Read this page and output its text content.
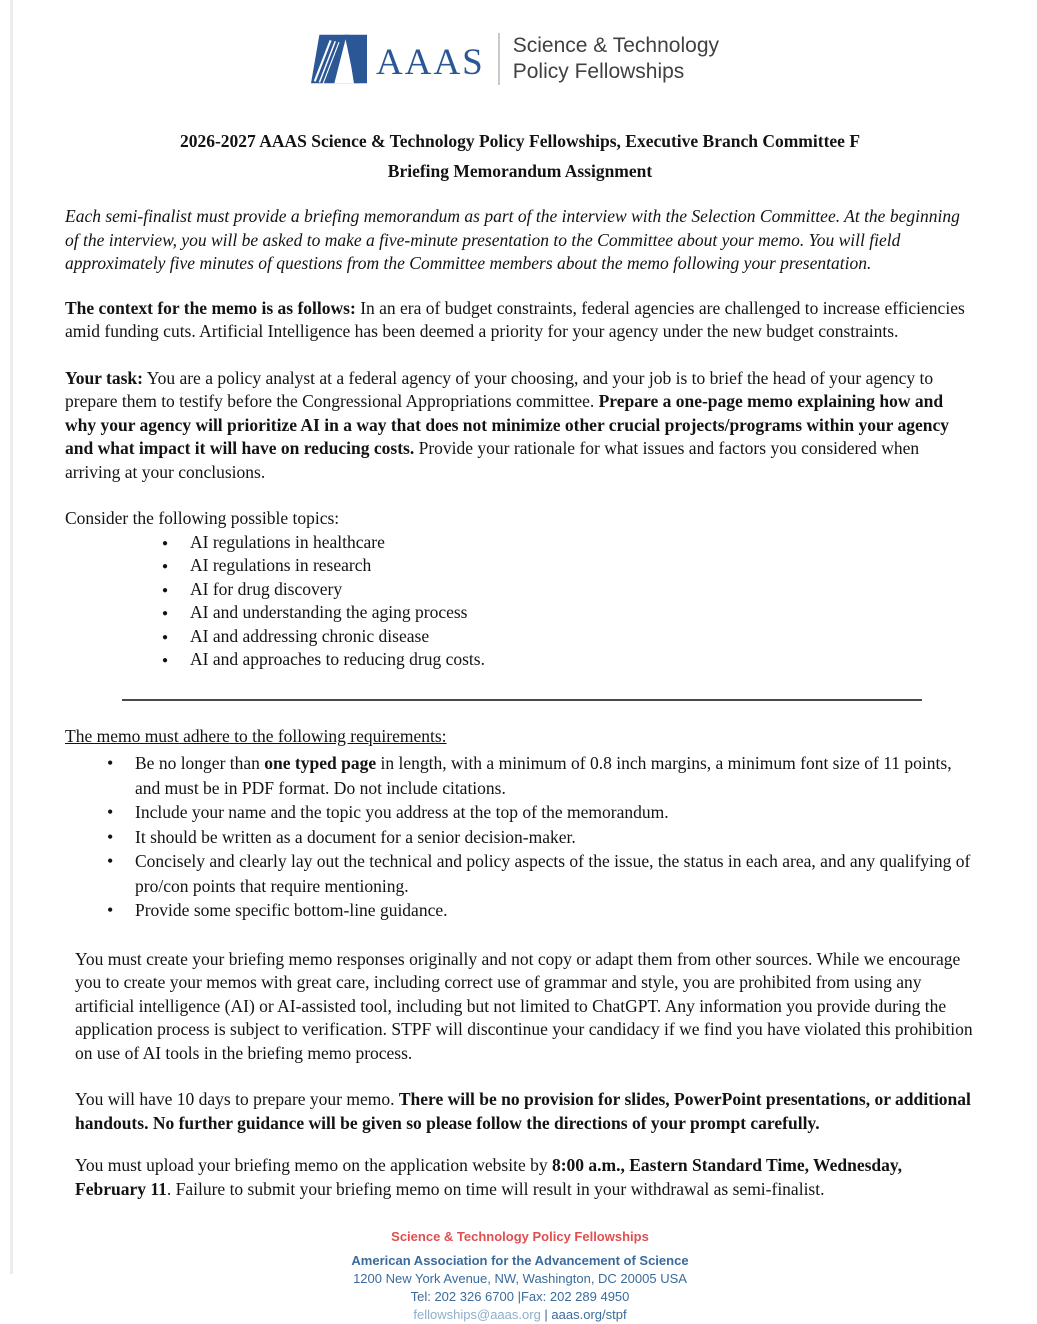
AAAS Science & Technology
Policy Fellowships
2026-2027 AAAS Science & Technology Policy Fellowships, Executive Branch Committee F
Briefing Memorandum Assignment

Each semi-finalist must provide a briefing memorandum as part of the interview with the Selection Committee. At the beginning of the interview, you will be asked to make a five-minute presentation to the Committee about your memo. You will field approximately five minutes of questions from the Committee members about the memo following your presentation.

The context for the memo is as follows: In an era of budget constraints, federal agencies are challenged to increase efficiencies amid funding cuts. Artificial Intelligence has been deemed a priority for your agency under the new budget constraints.

Your task: You are a policy analyst at a federal agency of your choosing, and your job is to brief the head of your agency to prepare them to testify before the Congressional Appropriations committee. Prepare a one-page memo explaining how and why your agency will prioritize AI in a way that does not minimize other crucial projects/programs within your agency and what impact it will have on reducing costs. Provide your rationale for what issues and factors you considered when arriving at your conclusions.

Consider the following possible topics:

● AI regulations in healthcare
● AI regulations in research
● AI for drug discovery
● AI and understanding the aging process
● AI and addressing chronic disease
● AI and approaches to reducing drug costs.

The memo must adhere to the following requirements:

• Be no longer than one typed page in length, with a minimum of 0.8 inch margins, a minimum font size of 11 points, and must be in PDF format. Do not include citations.
• Include your name and the topic you address at the top of the memorandum.
• It should be written as a document for a senior decision-maker.
• Concisely and clearly lay out the technical and policy aspects of the issue, the status in each area, and any qualifying of pro/con points that require mentioning.
• Provide some specific bottom-line guidance.

You must create your briefing memo responses originally and not copy or adapt them from other sources. While we encourage you to create your memos with great care, including correct use of grammar and style, you are prohibited from using any artificial intelligence (AI) or AI-assisted tool, including but not limited to ChatGPT. Any information you provide during the application process is subject to verification. STPF will discontinue your candidacy if we find you have violated this prohibition on use of AI tools in the briefing memo process.

You will have 10 days to prepare your memo. There will be no provision for slides, PowerPoint presentations, or additional handouts. No further guidance will be given so please follow the directions of your prompt carefully.

You must upload your briefing memo on the application website by 8:00 a.m., Eastern Standard Time, Wednesday, February 11. Failure to submit your briefing memo on time will result in your withdrawal as semi-finalist.

Science & Technology Policy Fellowships
American Association for the Advancement of Science
1200 New York Avenue, NW, Washington, DC 20005 USA
Tel: 202 326 6700 |Fax: 202 289 4950
fellowships@aaas.org | aaas.org/stpf
